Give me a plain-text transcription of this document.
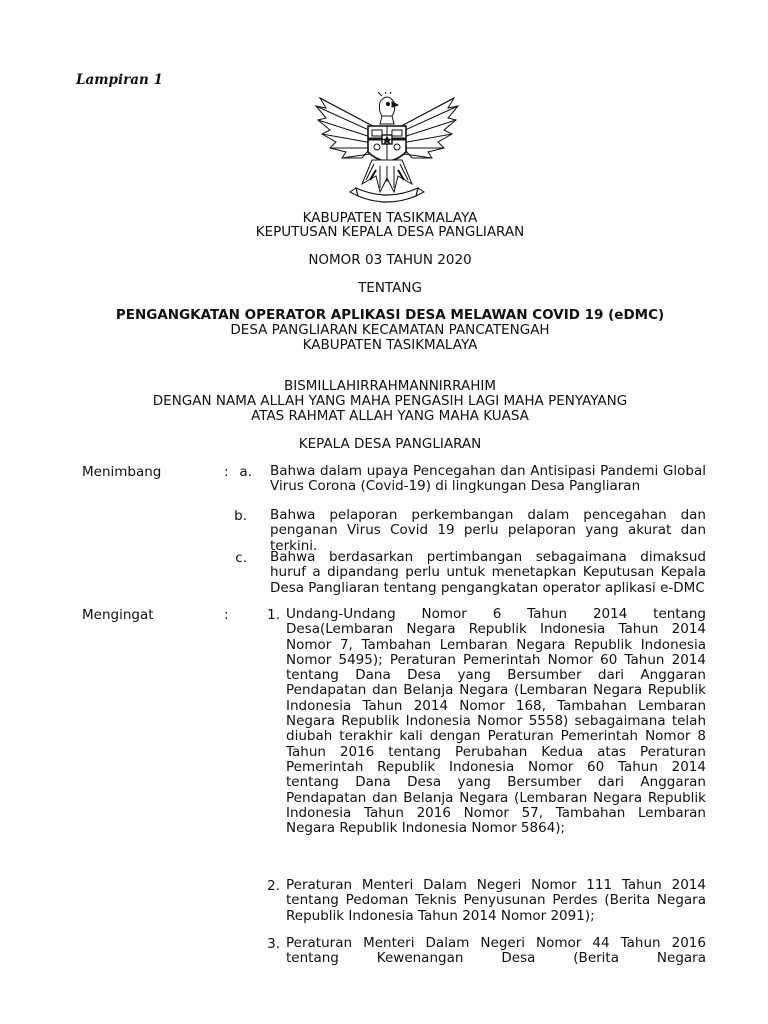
Lampiran 1
KABUPATEN TASIKMALAYA
KEPUTUSAN KEPALA DESA PANGLIARAN
NOMOR 03 TAHUN 2020
TENTANG
PENGANGKATAN OPERATOR APLIKASI DESA MELAWAN COVID 19 (eDMC)
DESA PANGLIARAN KECAMATAN PANCATENGAH
KABUPATEN TASIKMALAYA
BISMILLAHIRRAHMANNIRRAHIM
DENGAN NAMA ALLAH YANG MAHA PENGASIH LAGI MAHA PENYAYANG
ATAS RAHMAT ALLAH YANG MAHA KUASA
KEPALA DESA PANGLIARAN
Menimbang	: a. Bahwa dalam upaya Pencegahan dan Antisipasi Pandemi Global Virus Corona (Covid-19) di lingkungan Desa Pangliaran
b. Bahwa pelaporan perkembangan dalam pencegahan dan penganan Virus Covid 19 perlu pelaporan yang akurat dan terkini.
c. Bahwa berdasarkan pertimbangan sebagaimana dimaksud huruf a dipandang perlu untuk menetapkan Keputusan Kepala Desa Pangliaran tentang pengangkatan operator aplikasi e-DMC
Mengingat	:	1. Undang-Undang Nomor 6 Tahun 2014 tentang Desa(Lembaran Negara Republik Indonesia Tahun 2014 Nomor 7, Tambahan Lembaran Negara Republik Indonesia Nomor 5495); Peraturan Pemerintah Nomor 60 Tahun 2014 tentang Dana Desa yang Bersumber dari Anggaran Pendapatan dan Belanja Negara (Lembaran Negara Republik Indonesia Tahun 2014 Nomor 168, Tambahan Lembaran Negara Republik Indonesia Nomor 5558) sebagaimana telah diubah terakhir kali dengan Peraturan Pemerintah Nomor 8 Tahun 2016 tentang Perubahan Kedua atas Peraturan Pemerintah Republik Indonesia Nomor 60 Tahun 2014 tentang Dana Desa yang Bersumber dari Anggaran Pendapatan dan Belanja Negara (Lembaran Negara Republik Indonesia Tahun 2016 Nomor 57, Tambahan Lembaran Negara Republik Indonesia Nomor 5864);
2. Peraturan Menteri Dalam Negeri Nomor 111 Tahun 2014 tentang Pedoman Teknis Penyusunan Perdes (Berita Negara Republik Indonesia Tahun 2014 Nomor 2091);
3. Peraturan Menteri Dalam Negeri Nomor 44 Tahun 2016 tentang Kewenangan Desa (Berita Negara
